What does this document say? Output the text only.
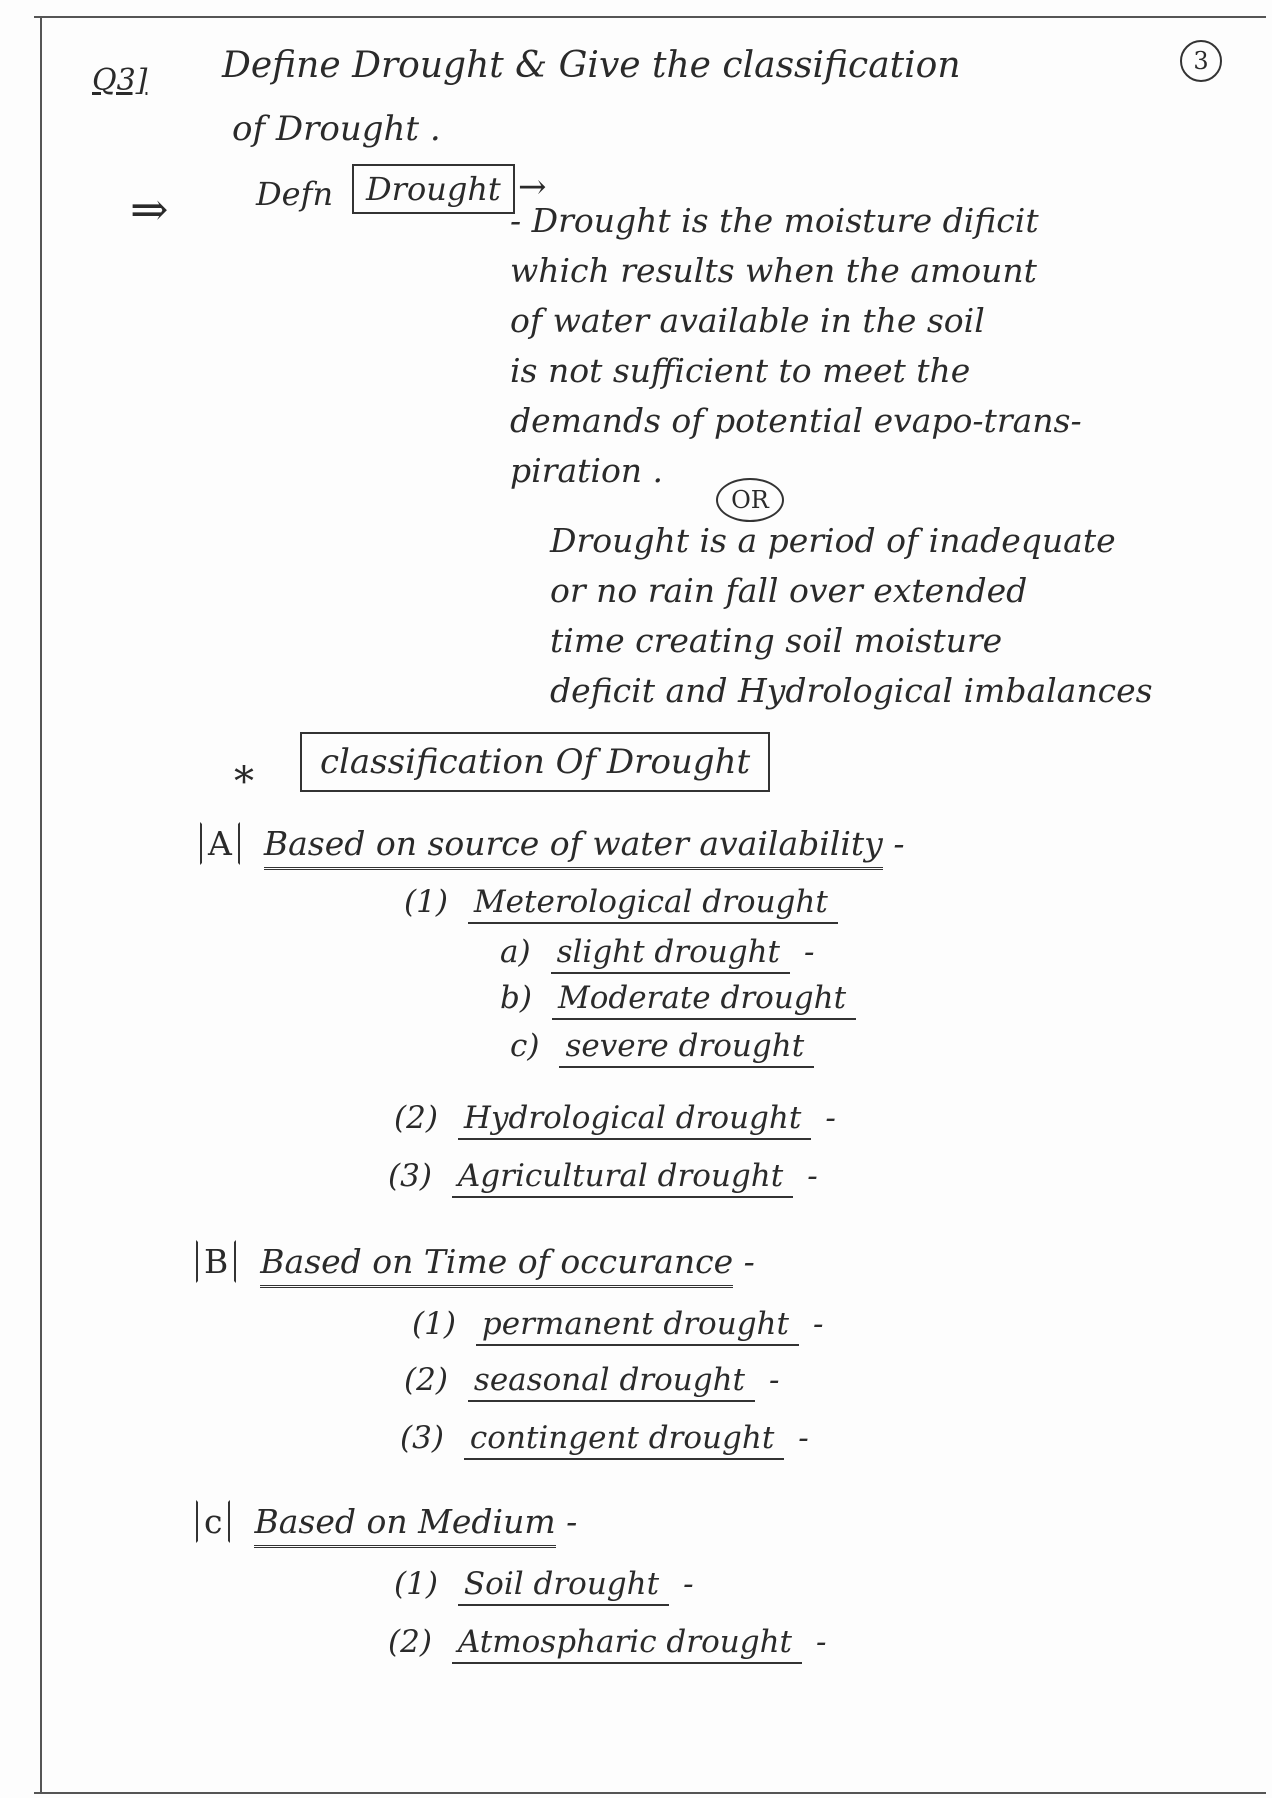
Q3] Define Drought & Give the classification
of Drought .
3
⇒	Defn	Drought →
- Drought is the moisture dificit
which results when the amount
of water available in the soil
is not sufficient to meet the
demands of potential evapo-trans-
piration .
OR
Drought is a period of inadequate
or no rain fall over extended
time creating soil moisture
deficit and Hydrological imbalances
*	classification Of Drought
A Based on source of water availability -
(1) Meterological drought
a) slight drought -
b) Moderate drought
c) severe drought
(2) Hydrological drought -
(3) Agricultural drought -
B Based on Time of occurance -
(1) permanent drought -
(2) seasonal drought -
(3) contingent drought -
c Based on Medium -
(1) Soil drought -
(2) Atmospharic drought -
